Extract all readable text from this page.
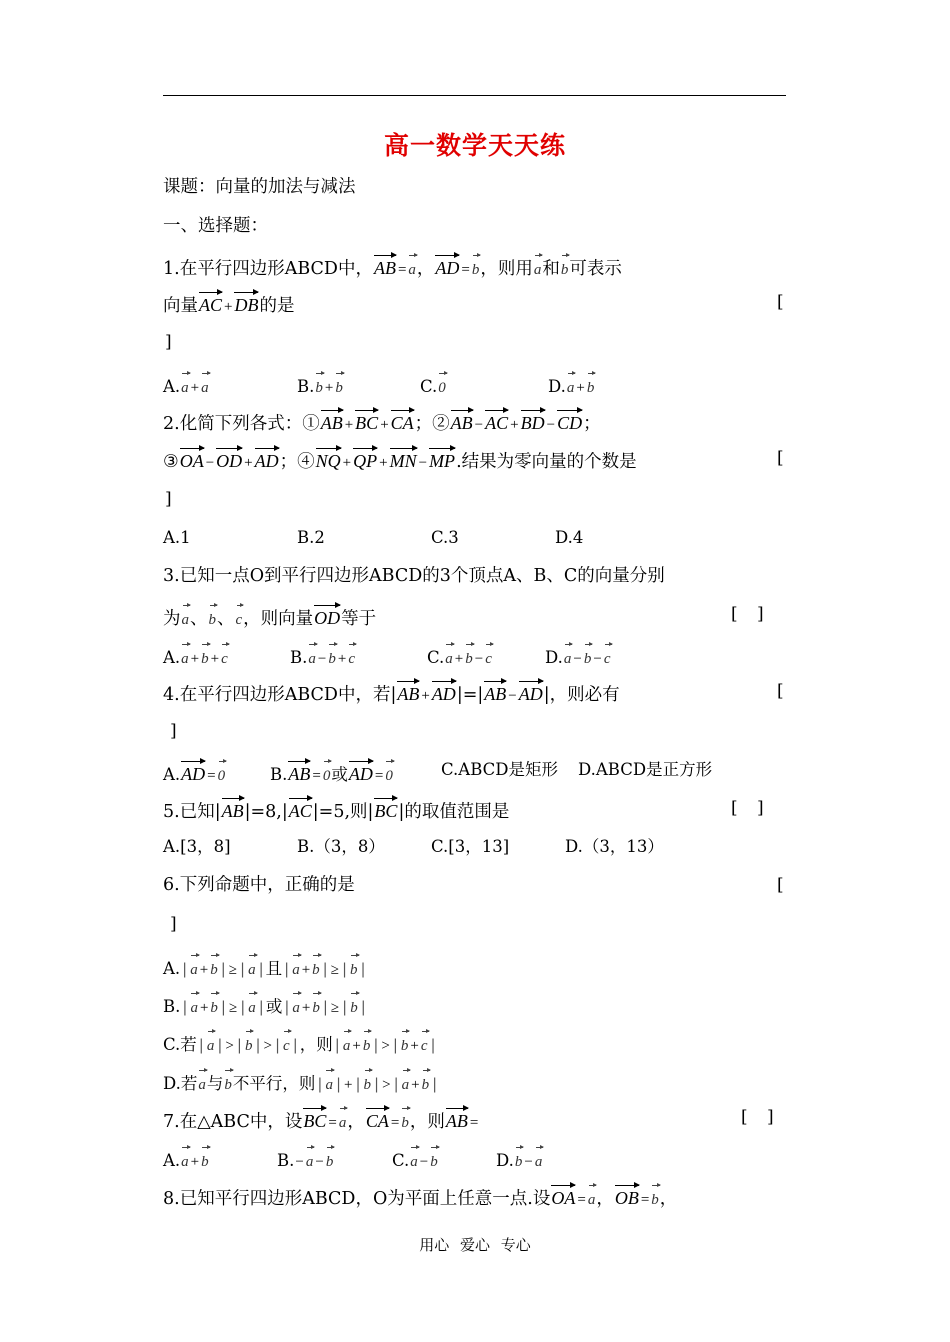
高一数学天天练
课题：向量的加法与减法
一、选择题：
1.在平行四边形ABCD中，AB = a，AD = b，则用a和b可表示
向量AC + DB的是	[
]
A.a + a	B.b + b	C.0	D.a + b
2.化简下列各式：①AB + BC + CA；②AB − AC + BD − CD；
③OA − OD + AD；④NQ + QP + MN − MP.结果为零向量的个数是	[
]
A.1	B.2	C.3	D.4
3.已知一点O到平行四边形ABCD的3个顶点A、B、C的向量分别
为a、b、c，则向量OD等于	[ ]
A.a + b + c	B.a − b + c	C.a + b − c	D.a − b − c
4.在平行四边形ABCD中，若|AB + AD|=|AB − AD|，则必有	[
]
A.AD = 0	B.AB = 0或AD = 0	C.ABCD是矩形 D.ABCD是正方形
5.已知|AB|=8,|AC|=5,则|BC|的取值范围是	[ ]
A.[3，8]	B.（3，8）	C.[3，13]	D.（3，13）
6.下列命题中，正确的是	[
]
A. | a + b | ≥ | a | 且 | a + b | ≥ | b |
B. | a + b | ≥ | a | 或 | a + b | ≥ | b |
C.若 | a | > | b | > | c | ，则 | a + b | > | b + c |
D.若a与b不平行，则 | a | + | b | > | a + b |
7.在△ABC中，设BC = a，CA = b，则AB =	[ ]
A.a + b	B.− a − b	C.a − b	D.b − a
8.已知平行四边形ABCD，O为平面上任意一点.设OA = a，OB = b，
用心 爱心 专心
